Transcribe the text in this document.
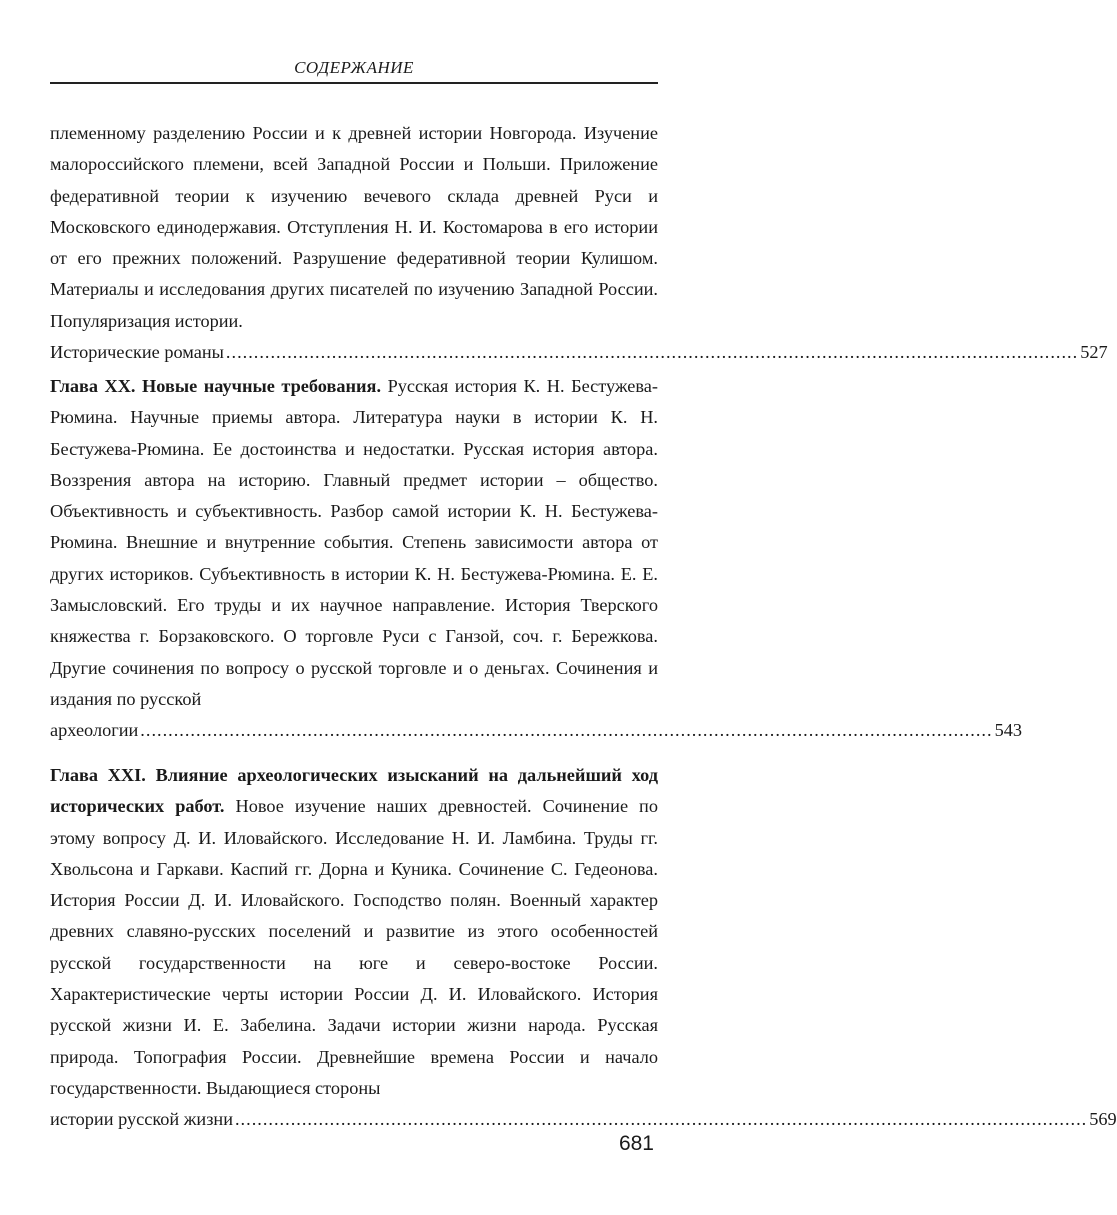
СОДЕРЖАНИЕ
племенному разделению России и к древней истории Новгорода. Изучение малороссийского племени, всей Западной России и Польши. Приложение федеративной теории к изучению вечевого склада древней Руси и Московского единодержавия. Отступления Н. И. Костомарова в его истории от его прежних положений. Разрушение федеративной теории Кулишом. Материалы и исследования других писателей по изучению Западной России. Популяризация истории.
Исторические романы ......................................................................................................................................................... 527
Глава XX. Новые научные требования. Русская история К. Н. Бестужева-Рюмина. Научные приемы автора. Литература науки в истории К. Н. Бестужева-Рюмина. Ее достоинства и недостатки. Русская история автора. Воззрения автора на историю. Главный предмет истории – общество. Объективность и субъективность. Разбор самой истории К. Н. Бестужева-Рюмина. Внешние и внутренние события. Степень зависимости автора от других историков. Субъективность в истории К. Н. Бестужева-Рюмина. Е. Е. Замысловский. Его труды и их научное направление. История Тверского княжества г. Борзаковского. О торговле Руси с Ганзой, соч. г. Бережкова. Другие сочинения по вопросу о русской торговле и о деньгах. Сочинения и издания по русской
археологии ......................................................................................................................................................... 543
Глава XXI. Влияние археологических изысканий на дальнейший ход исторических работ. Новое изучение наших древностей. Сочинение по этому вопросу Д. И. Иловайского. Исследование Н. И. Ламбина. Труды гг. Хвольсона и Гаркави. Каспий гг. Дорна и Куника. Сочинение С. Гедеонова. История России Д. И. Иловайского. Господство полян. Военный характер древних славяно-русских поселений и развитие из этого особенностей русской государственности на юге и северо-востоке России. Характеристические черты истории России Д. И. Иловайского. История русской жизни И. Е. Забелина. Задачи истории жизни народа. Русская природа. Топография России. Древнейшие времена России и начало государственности. Выдающиеся стороны
истории русской жизни ......................................................................................................................................................... 569
681
